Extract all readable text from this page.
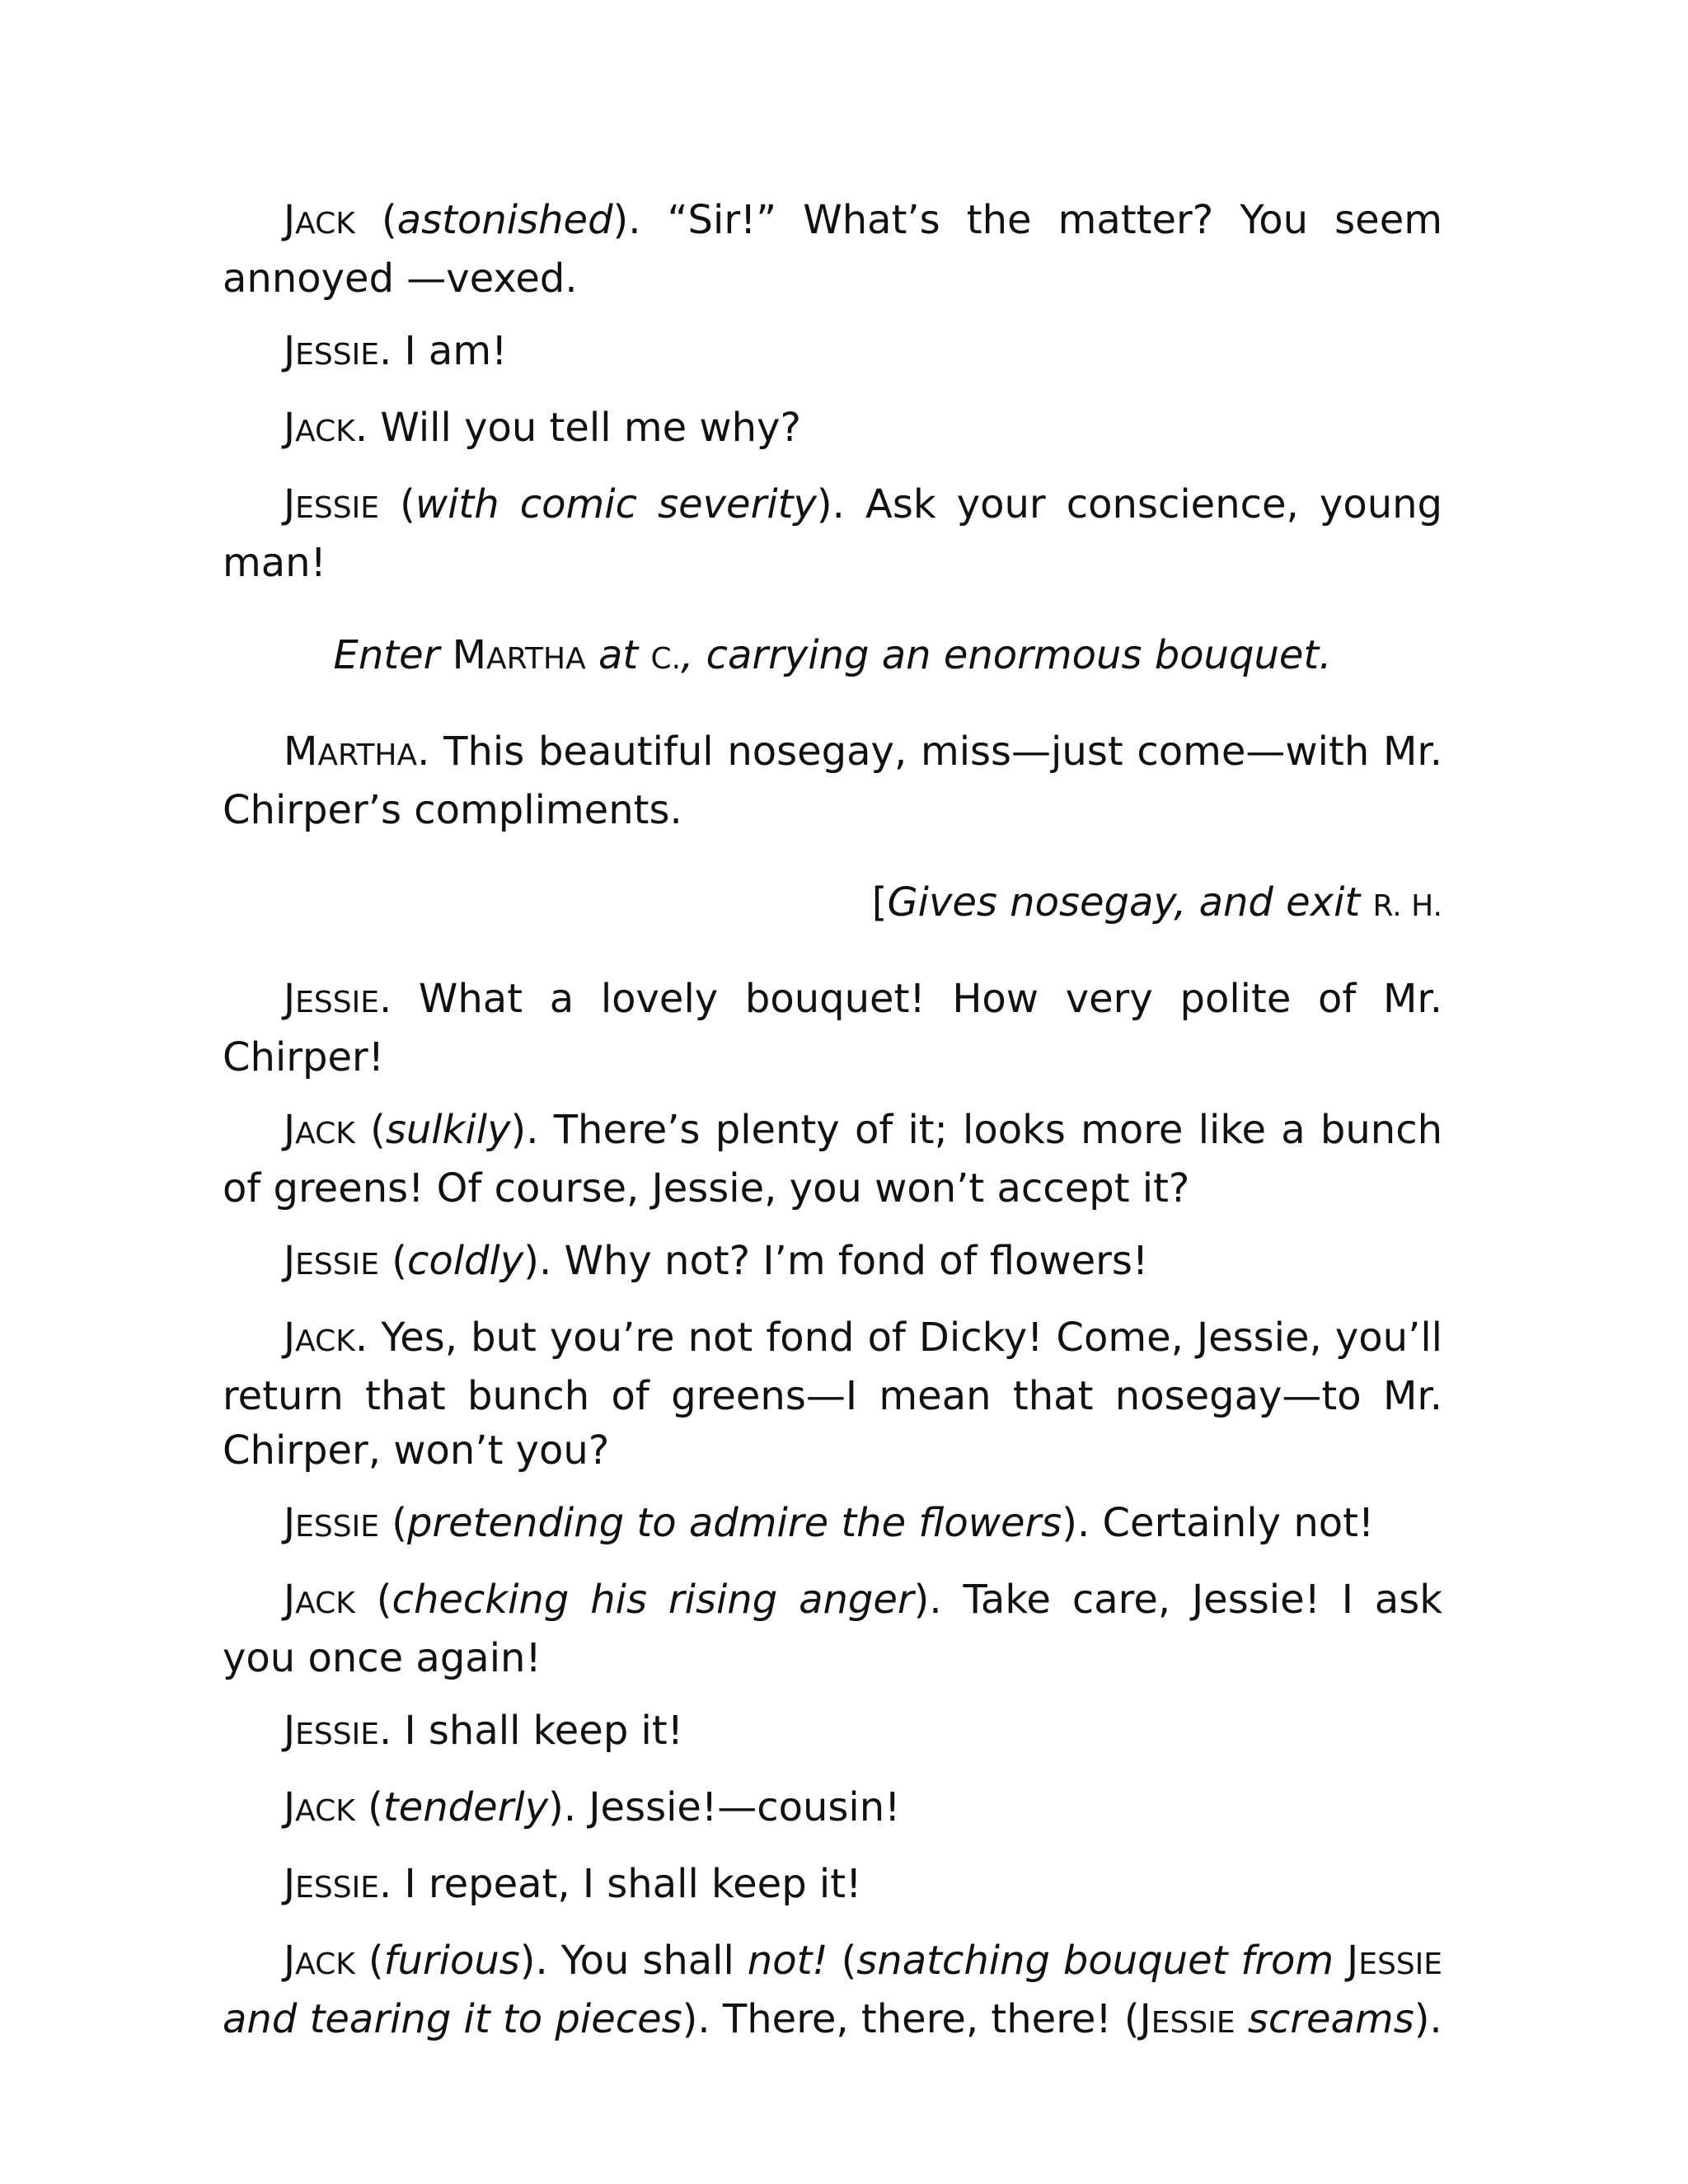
JACK (astonished). “Sir!” What’s the matter? You seem annoyed —vexed.

JESSIE. I am!

JACK. Will you tell me why?

JESSIE (with comic severity). Ask your conscience, young man!

Enter MARTHA at C., carrying an enormous bouquet.

MARTHA. This beautiful nosegay, miss—just come—with Mr. Chirper’s compliments.

[Gives nosegay, and exit R. H.

JESSIE. What a lovely bouquet! How very polite of Mr. Chirper!

JACK (sulkily). There’s plenty of it; looks more like a bunch of greens! Of course, Jessie, you won’t accept it?

JESSIE (coldly). Why not? I’m fond of flowers!

JACK. Yes, but you’re not fond of Dicky! Come, Jessie, you’ll return that bunch of greens—I mean that nosegay—to Mr. Chirper, won’t you?

JESSIE (pretending to admire the flowers). Certainly not!

JACK (checking his rising anger). Take care, Jessie! I ask you once again!

JESSIE. I shall keep it!

JACK (tenderly). Jessie!—cousin!

JESSIE. I repeat, I shall keep it!

JACK (furious). You shall not! (snatching bouquet from JESSIE and tearing it to pieces). There, there, there! (JESSIE screams).
